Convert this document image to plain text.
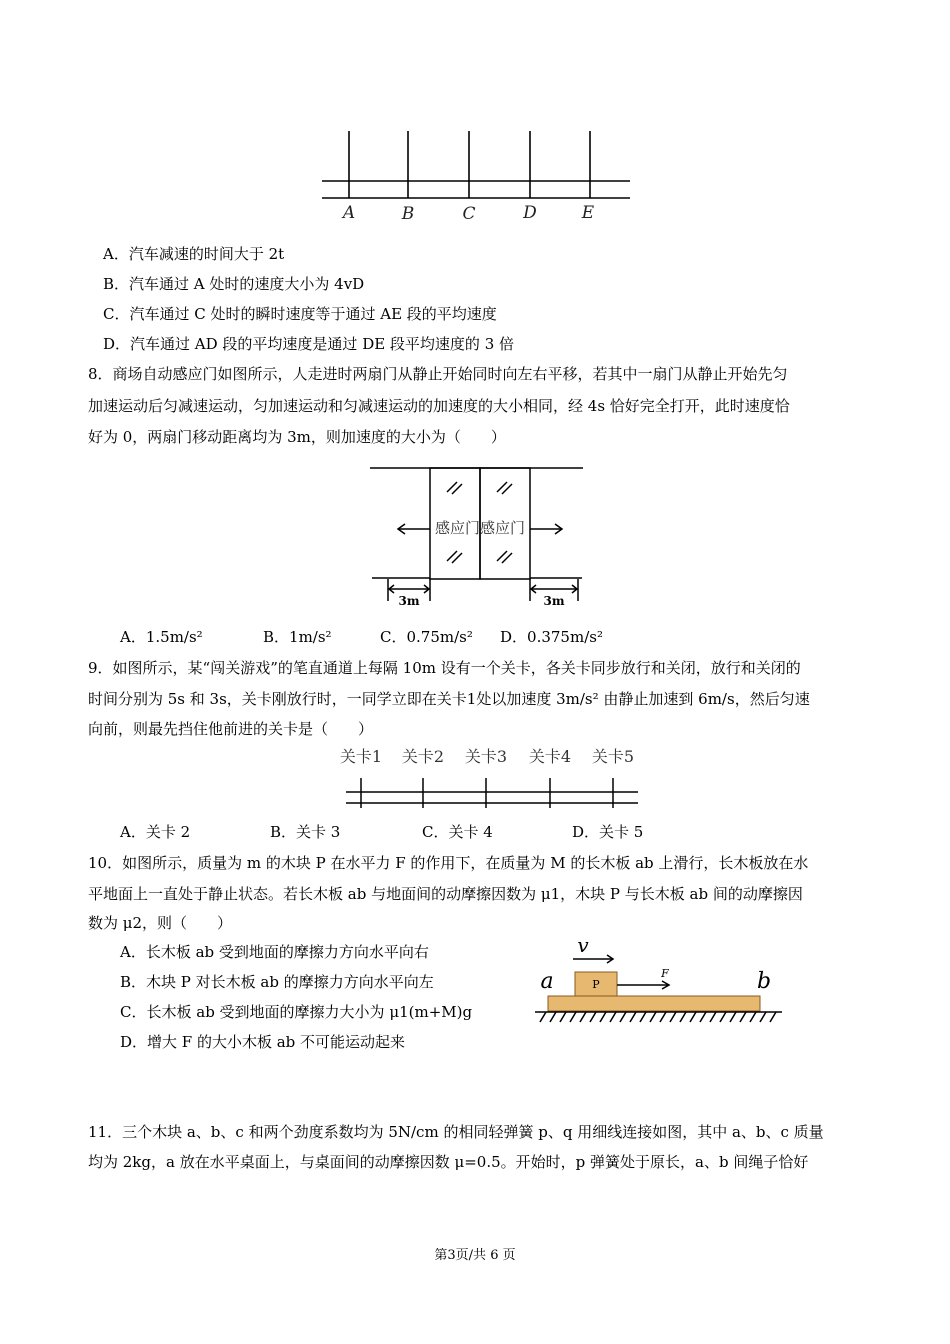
A	B	C	D	E
A．汽车减速的时间大于 2t
B．汽车通过 A 处时的速度大小为 4vD
C．汽车通过 C 处时的瞬时速度等于通过 AE 段的平均速度
D．汽车通过 AD 段的平均速度是通过 DE 段平均速度的 3 倍
8．商场自动感应门如图所示，人走进时两扇门从静止开始同时向左右平移，若其中一扇门从静止开始先匀
加速运动后匀减速运动，匀加速运动和匀减速运动的加速度的大小相同，经 4s 恰好完全打开，此时速度恰
好为 0，两扇门移动距离均为 3m，则加速度的大小为（　　）
感应门感应门
3m	3m
A．1.5m/s²	B．1m/s²	C．0.75m/s² D．0.375m/s²
9．如图所示，某“闯关游戏”的笔直通道上每隔 10m 设有一个关卡，各关卡同步放行和关闭，放行和关闭的
时间分别为 5s 和 3s，关卡刚放行时，一同学立即在关卡1处以加速度 3m/s² 由静止加速到 6m/s，然后匀速
向前，则最先挡住他前进的关卡是（　　）
关卡1 关卡2 关卡3 关卡4 关卡5
A．关卡 2	B．关卡 3	C．关卡 4	D．关卡 5
10．如图所示，质量为 m 的木块 P 在水平力 F 的作用下，在质量为 M 的长木板 ab 上滑行，长木板放在水
平地面上一直处于静止状态。若长木板 ab 与地面间的动摩擦因数为 μ1，木块 P 与长木板 ab 间的动摩擦因
数为 μ2，则（　　）
A．长木板 ab 受到地面的摩擦力方向水平向右
B．木块 P 对长木板 ab 的摩擦力方向水平向左
C．长木板 ab 受到地面的摩擦力大小为 μ1(m+M)g
D．增大 F 的大小木板 ab 不可能运动起来
v
P
F
a	b
11．三个木块 a、b、c 和两个劲度系数均为 5N/cm 的相同轻弹簧 p、q 用细线连接如图，其中 a、b、c 质量
均为 2kg，a 放在水平桌面上，与桌面间的动摩擦因数 μ=0.5。开始时，p 弹簧处于原长，a、b 间绳子恰好
第3页/共 6 页
